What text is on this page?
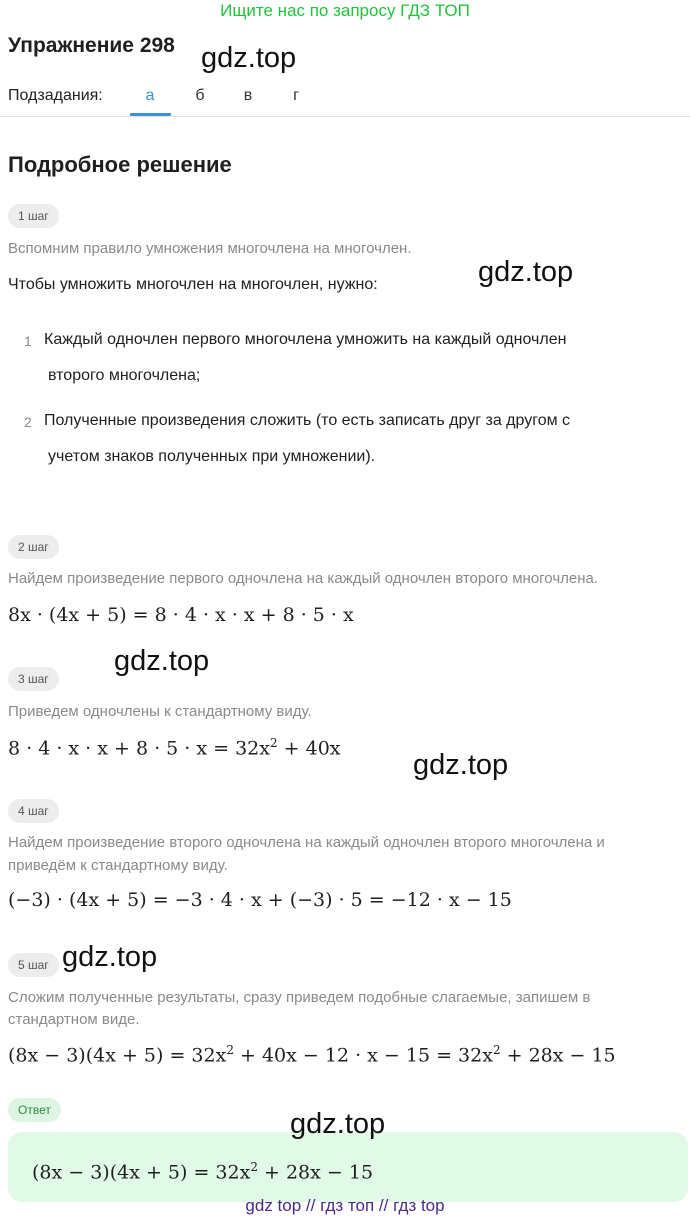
Ищите нас по запросу ГДЗ ТОП
Упражнение 298 gdz.top
Подзадания:	а	б	в	г
Подробное решение
1 шаг
Вспомним правило умножения многочлена на многочлен.
Чтобы умножить многочлен на многочлен, нужно:	gdz.top
1 Каждый одночлен первого многочлена умножить на каждый одночлен
второго многочлена;
2 Полученные произведения сложить (то есть записать друг за другом с
учетом знаков полученных при умножении).
2 шаг
Найдем произведение первого одночлена на каждый одночлен второго многочлена.
8x · (4x + 5) = 8 · 4 · x · x + 8 · 5 · x
gdz.top
3 шаг
Приведем одночлены к стандартному виду.
$8 \cdot 4 \cdot x \cdot x + 8 \cdot 5 \cdot x = 32x^2 + 40x$
gdz.top
4 шаг
Найдем произведение второго одночлена на каждый одночлен второго многочлена и
приведём к стандартному виду.
(−3) · (4x + 5) = −3 · 4 · x + (−3) · 5 = −12 · x − 15
5 шаг gdz.top
Сложим полученные результаты, сразу приведем подобные слагаемые, запишем в
стандартном виде.
$(8x - 3)(4x + 5) = 32x^2 + 40x - 12 \cdot x - 15 = 32x^2 + 28x - 15$
Ответ	gdz.top
$(8x - 3)(4x + 5) = 32x^2 + 28x - 15$
gdz top // гдз топ // гдз top
